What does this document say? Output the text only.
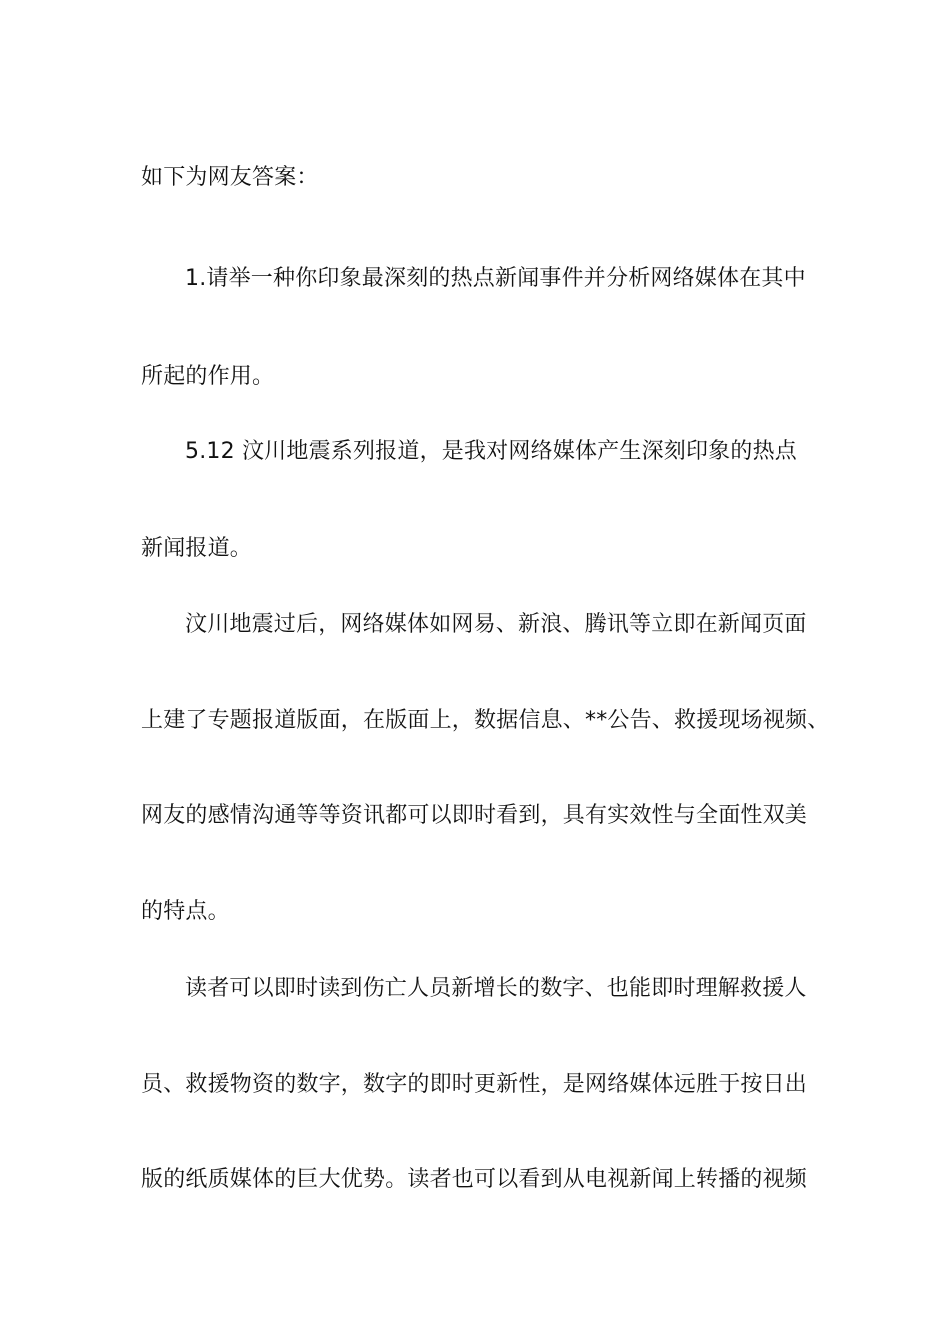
如下为网友答案：
1.请举一种你印象最深刻的热点新闻事件并分析网络媒体在其中
所起的作用。
5.12 汶川地震系列报道，是我对网络媒体产生深刻印象的热点
新闻报道。
汶川地震过后，网络媒体如网易、新浪、腾讯等立即在新闻页面
上建了专题报道版面，在版面上，数据信息、**公告、救援现场视频、
网友的感情沟通等等资讯都可以即时看到，具有实效性与全面性双美
的特点。
读者可以即时读到伤亡人员新增长的数字、也能即时理解救援人
员、救援物资的数字，数字的即时更新性，是网络媒体远胜于按日出
版的纸质媒体的巨大优势。读者也可以看到从电视新闻上转播的视频
